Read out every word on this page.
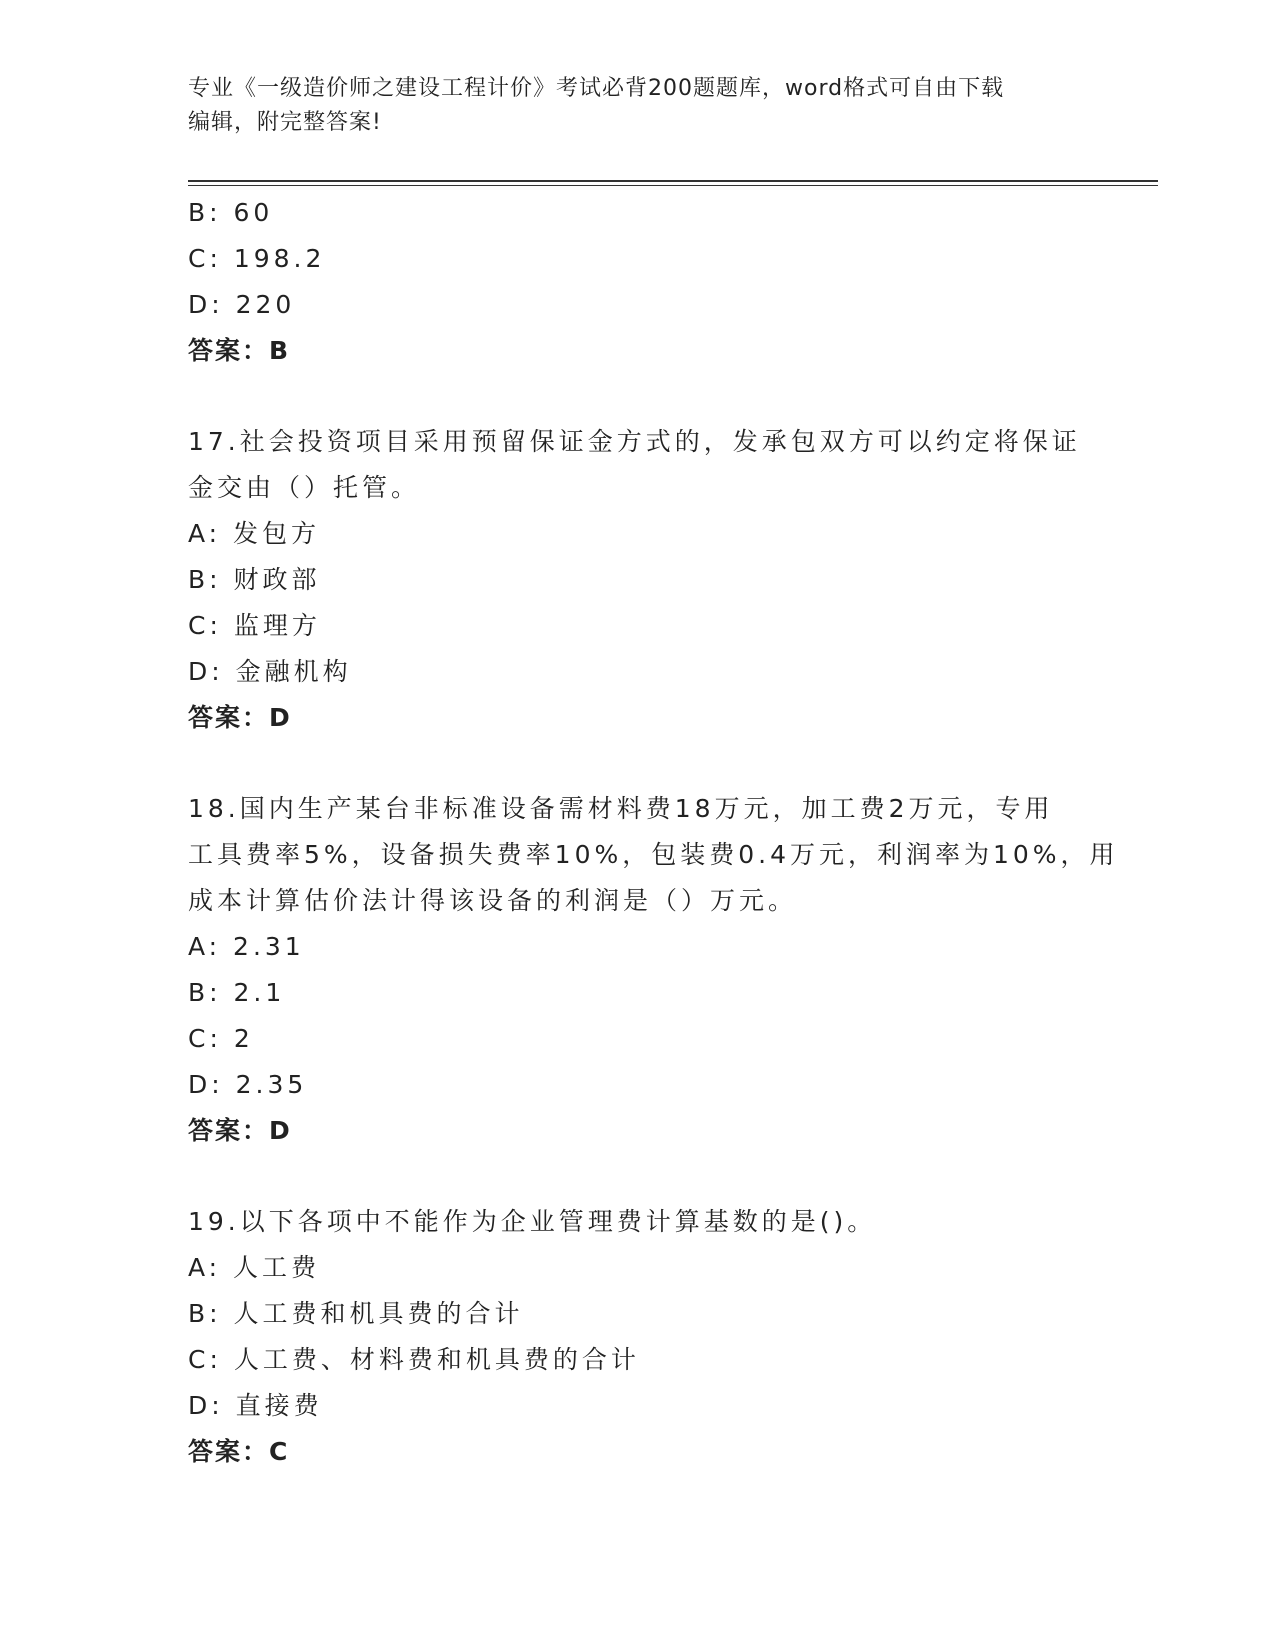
专业《一级造价师之建设工程计价》考试必背200题题库，word格式可自由下载
编辑，附完整答案!
B: 60
C: 198.2
D: 220
答案：B
17.社会投资项目采用预留保证金方式的，发承包双方可以约定将保证
金交由（）托管。
A: 发包方
B: 财政部
C: 监理方
D: 金融机构
答案：D
18.国内生产某台非标准设备需材料费18万元，加工费2万元，专用
工具费率5%，设备损失费率10%，包装费0.4万元，利润率为10%，用
成本计算估价法计得该设备的利润是（）万元。
A: 2.31
B: 2.1
C: 2
D: 2.35
答案：D
19.以下各项中不能作为企业管理费计算基数的是()。
A: 人工费
B: 人工费和机具费的合计
C: 人工费、材料费和机具费的合计
D: 直接费
答案：C
